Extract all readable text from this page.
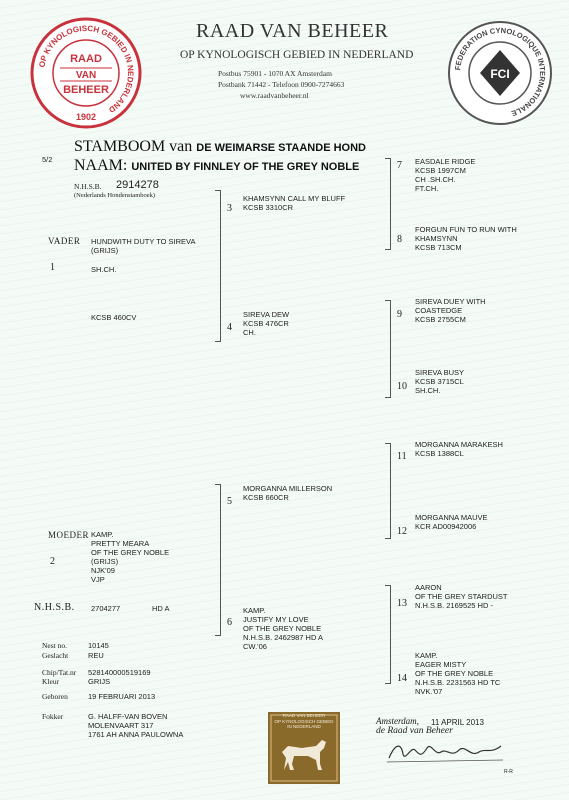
OP KYNOLOGISCH GEBIED IN NEDERLAND
RAAD
VAN
BEHEER
1902
FEDERATION CYNOLOGIQUE INTERNATIONALE
FCI
RAAD VAN BEHEER
OP KYNOLOGISCH GEBIED IN NEDERLAND
Postbus 75901 - 1070 AX Amsterdam
Postbank 71442 - Telefoon 0900-7274663
www.raadvanbeheer.nl
5/2
STAMBOOM van DE WEIMARSE STAANDE HOND
NAAM: UNITED BY FINNLEY OF THE GREY NOBLE
N.H.S.B. 2914278
(Nederlands Hondenstamboek)
VADER
1
HUNDWITH DUTY TO SIREVA
(GRIJS)
SH.CH.
KCSB 460CV
MOEDER
2
KAMP.
PRETTY MEARA
OF THE GREY NOBLE
(GRIJS)
NJK'09
VJP
N.H.S.B. 2704277	HD A
3
KHAMSYNN CALL MY BLUFF
KCSB 3310CR
4
SIREVA DEW
KCSB 476CR
CH.
5
MORGANNA MILLERSON
KCSB 660CR
6
KAMP.
JUSTIFY MY LOVE
OF THE GREY NOBLE
N.H.S.B. 2462987 HD A
CW.'06
7 EASDALE RIDGE
KCSB 1997CM
CH .SH.CH.
FT.CH.
8
FORGUN FUN TO RUN WITH
KHAMSYNN
KCSB 713CM
9
SIREVA DUEY WITH
COASTEDGE
KCSB 2755CM
10
SIREVA BUSY
KCSB 3715CL
SH.CH.
11
MORGANNA MARAKESH
KCSB 1388CL
12
MORGANNA MAUVE
KCR AD00942006
13
AARON
OF THE GREY STARDUST
N.H.S.B. 2169525 HD -
14
KAMP.
EAGER MISTY
OF THE GREY NOBLE
N.H.S.B. 2231563 HD TC
NVK.'07
Nest no.	10145
Geslacht	REU
Chip/Tat.nr 528140000519169
Kleur	GRIJS
Geboren	19 FEBRUARI 2013
Fokker	G. HALFF-VAN BOVEN
MOLENVAART 317
1761 AH ANNA PAULOWNA
RAAD VAN BEHEER
OP KYNOLOGISCH GEBIED
IN NEDERLAND
Amsterdam, 11 APRIL 2013
de Raad van Beheer
R-R
